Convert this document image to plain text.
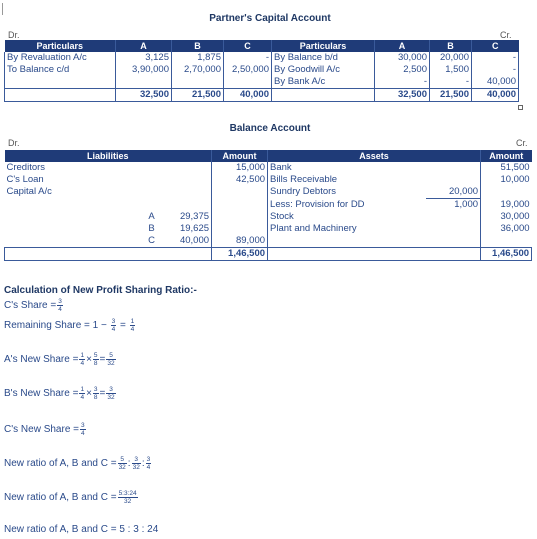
Partner's Capital Account
Dr.	Cr.
Particulars	A	B	C	Particulars	A	B	C
By Revaluation A/c	3,125	1,875	-	By Balance b/d	30,000	20,000	-
To Balance c/d	3,90,000	2,70,000	2,50,000	By Goodwill A/c	2,500	1,500	-
				By Bank A/c	-	-	40,000
	32,500	21,500	40,000		32,500	21,500	40,000
Balance Account
Dr.	Cr.
Liabilities			Amount	Assets		Amount
Creditors			15,000	Bank		51,500
C's Loan			42,500	Bills Receivable		10,000
Capital A/c				Sundry Debtors	20,000	
				Less: Provision for DD	1,000	19,000
	A	29,375		Stock		30,000
	B	19,625		Plant and Machinery		36,000
	C	40,000	89,000			
			1,46,500			1,46,500
Calculation of New Profit Sharing Ratio:-
C's Share = $\frac{3}{4}$
Remaining Share = $1 - \frac{3}{4} = \frac{1}{4}$
A's New Share = $\frac{1}{4} \times \frac{5}{8} = \frac{5}{32}$
B's New Share = $\frac{1}{4} \times \frac{3}{8} = \frac{3}{32}$
C's New Share = $\frac{3}{4}$
New ratio of A, B and $C = \frac{5}{32}$ : $\frac{3}{32}$ : $\frac{3}{4}$
New ratio of A, B and $C = \frac{5:3:24}{32}$
New ratio of A, B and C = 5 : 3 : 24
